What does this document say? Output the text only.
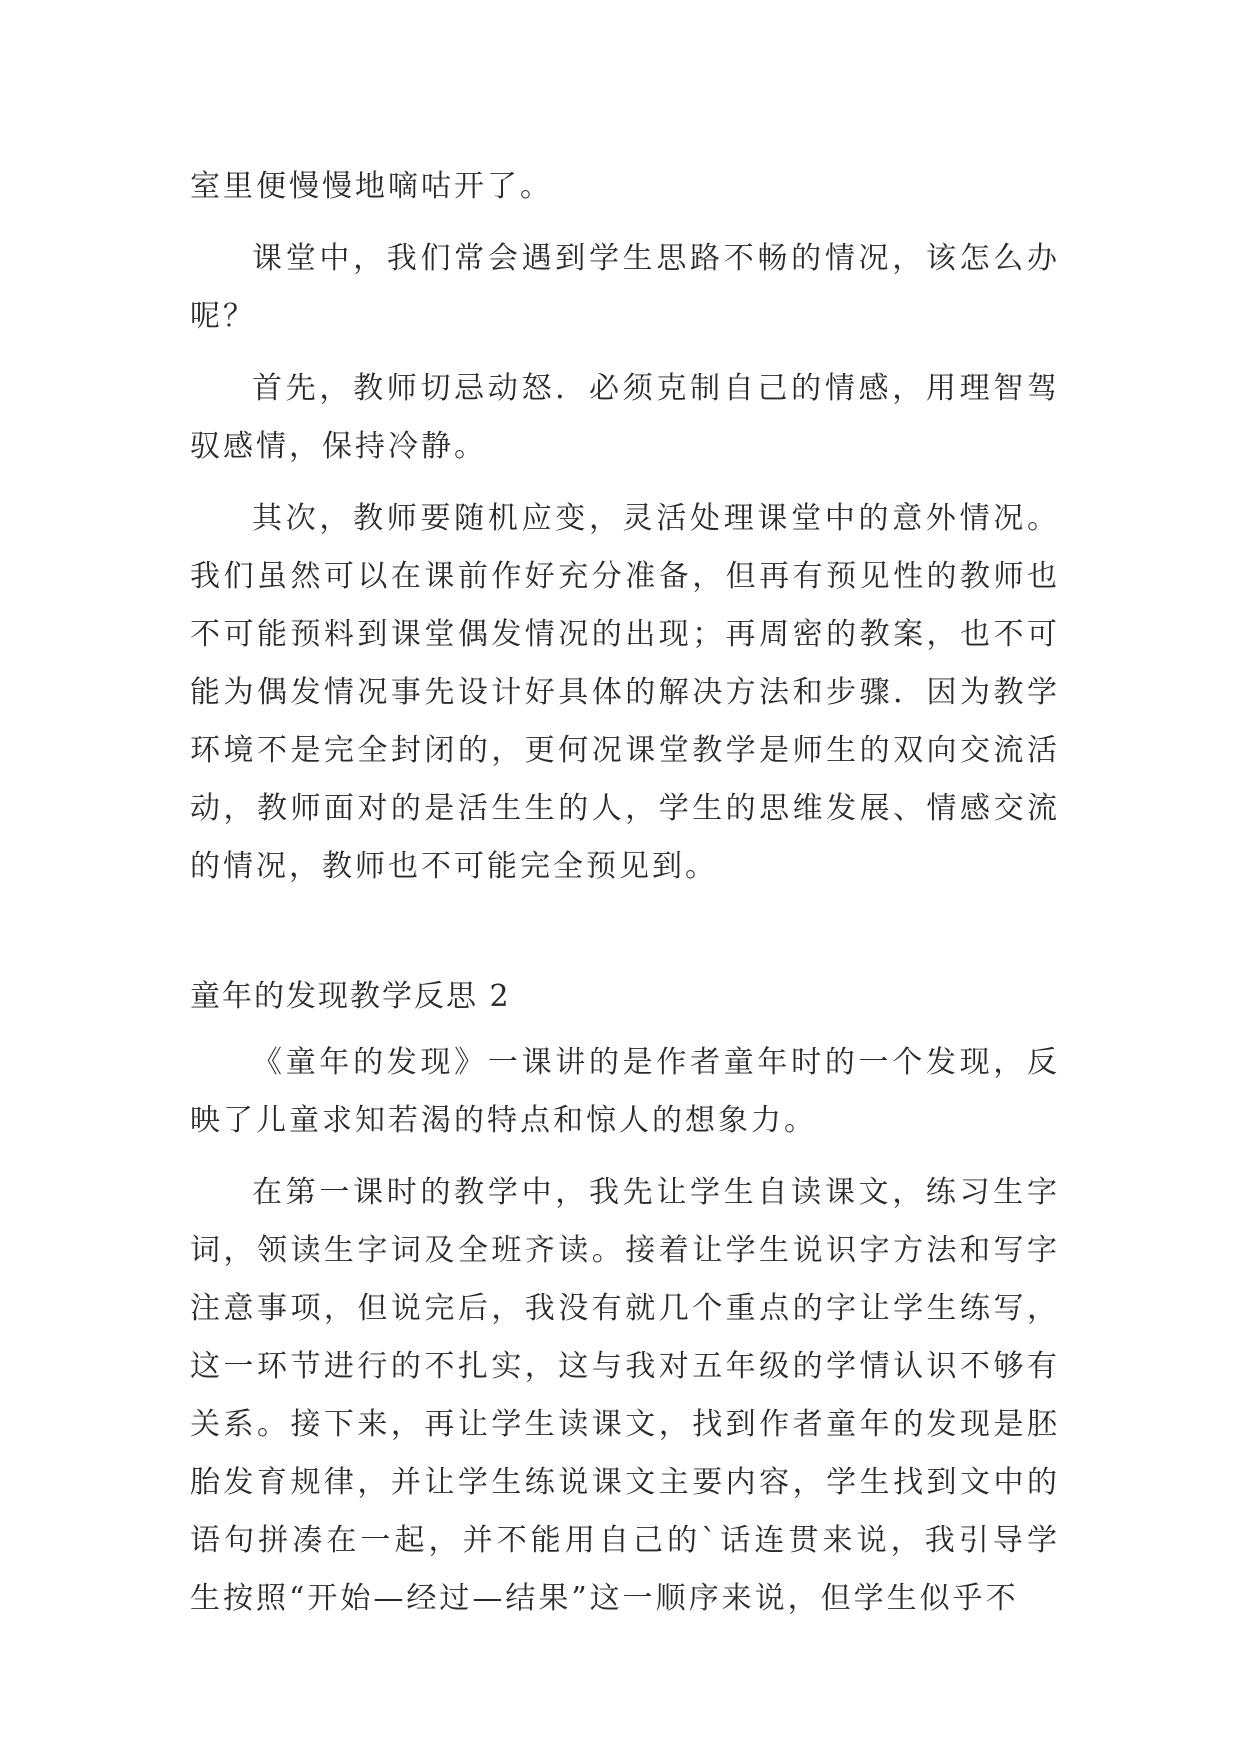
室里便慢慢地嘀咕开了。

课堂中，我们常会遇到学生思路不畅的情况，该怎么办呢？

首先，教师切忌动怒．必须克制自己的情感，用理智驾驭感情，保持冷静。

其次，教师要随机应变，灵活处理课堂中的意外情况。我们虽然可以在课前作好充分准备，但再有预见性的教师也不可能预料到课堂偶发情况的出现；再周密的教案，也不可能为偶发情况事先设计好具体的解决方法和步骤．因为教学环境不是完全封闭的，更何况课堂教学是师生的双向交流活动，教师面对的是活生生的人，学生的思维发展、情感交流的情况，教师也不可能完全预见到。

童年的发现教学反思 2

《童年的发现》一课讲的是作者童年时的一个发现，反映了儿童求知若渴的特点和惊人的想象力。

在第一课时的教学中，我先让学生自读课文，练习生字词，领读生字词及全班齐读。接着让学生说识字方法和写字注意事项，但说完后，我没有就几个重点的字让学生练写，这一环节进行的不扎实，这与我对五年级的学情认识不够有关系。接下来，再让学生读课文，找到作者童年的发现是胚胎发育规律，并让学生练说课文主要内容，学生找到文中的语句拼凑在一起，并不能用自己的`话连贯来说，我引导学生按照“开始—经过—结果”这一顺序来说，但学生似乎不
